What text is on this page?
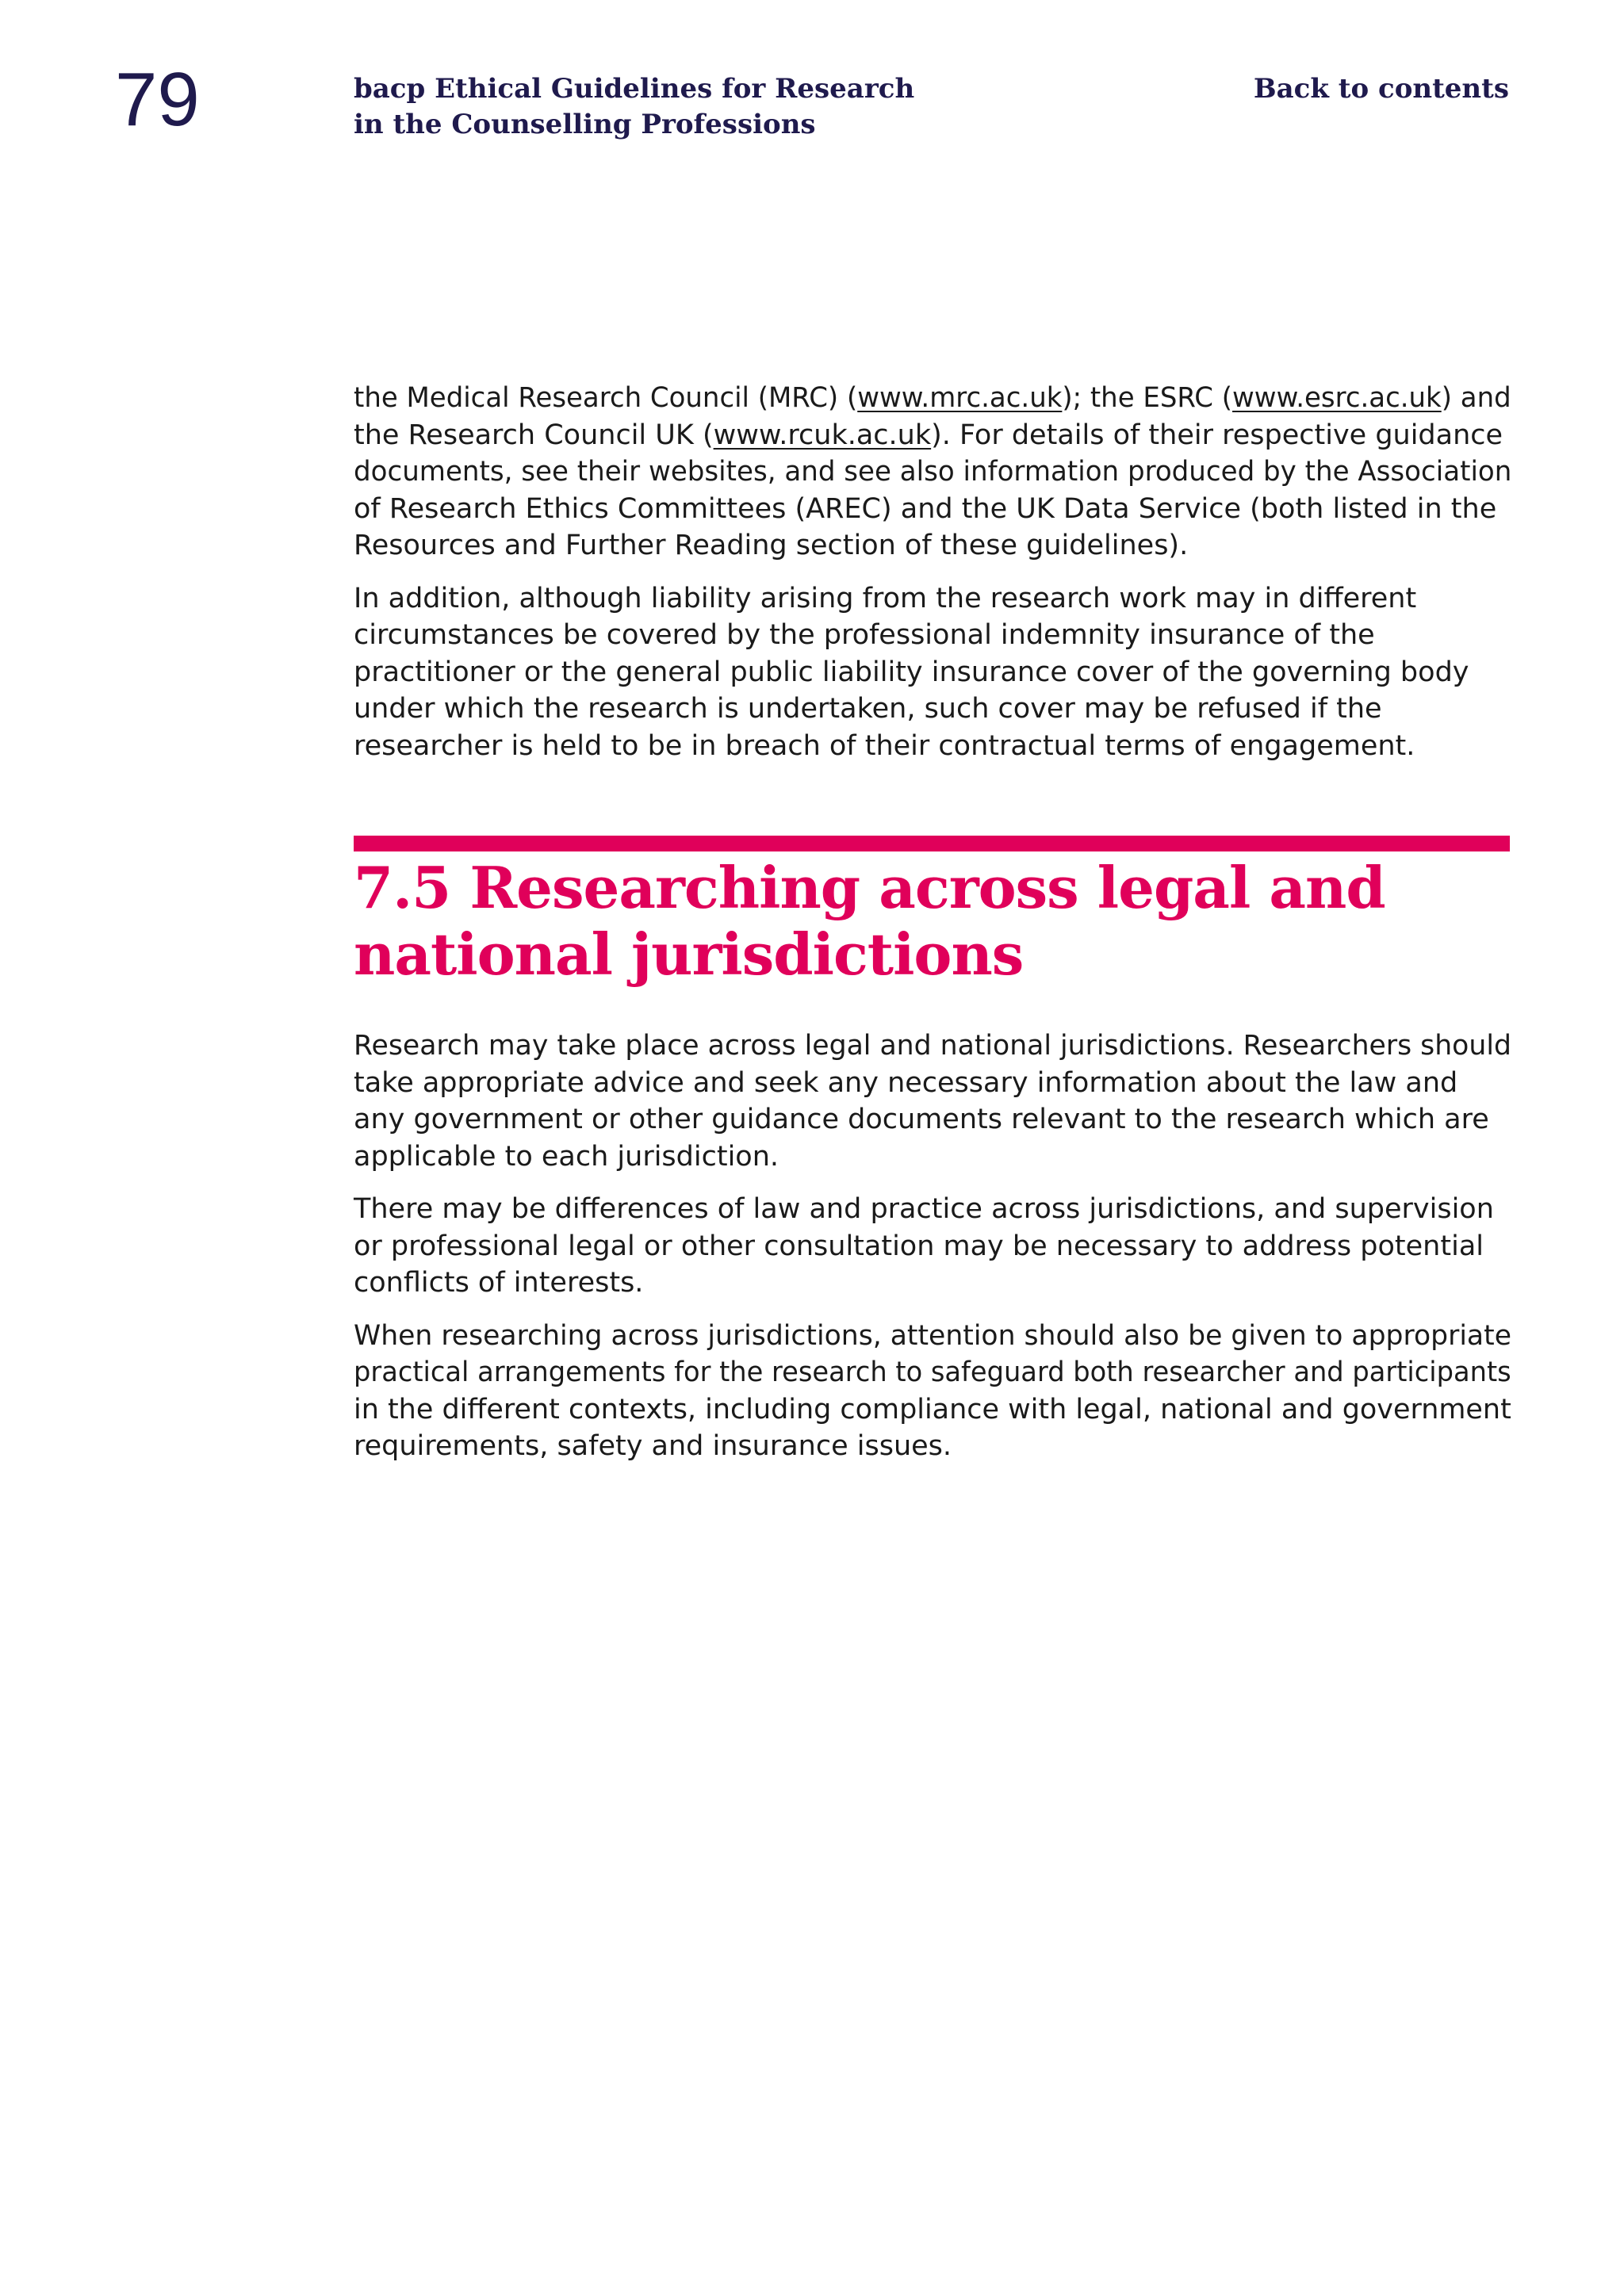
79	bacp Ethical Guidelines for Research
in the Counselling Professions
Back to contents

the Medical Research Council (MRC) (www.mrc.ac.uk); the ESRC (www.esrc.ac.uk) and
the Research Council UK (www.rcuk.ac.uk). For details of their respective guidance
documents, see their websites, and see also information produced by the Association
of Research Ethics Committees (AREC) and the UK Data Service (both listed in the
Resources and Further Reading section of these guidelines).

In addition, although liability arising from the research work may in different
circumstances be covered by the professional indemnity insurance of the
practitioner or the general public liability insurance cover of the governing body
under which the research is undertaken, such cover may be refused if the
researcher is held to be in breach of their contractual terms of engagement.

7.5 Researching across legal and
national jurisdictions

Research may take place across legal and national jurisdictions. Researchers should
take appropriate advice and seek any necessary information about the law and
any government or other guidance documents relevant to the research which are
applicable to each jurisdiction.

There may be differences of law and practice across jurisdictions, and supervision
or professional legal or other consultation may be necessary to address potential
conflicts of interests.

When researching across jurisdictions, attention should also be given to appropriate
practical arrangements for the research to safeguard both researcher and participants
in the different contexts, including compliance with legal, national and government
requirements, safety and insurance issues.
